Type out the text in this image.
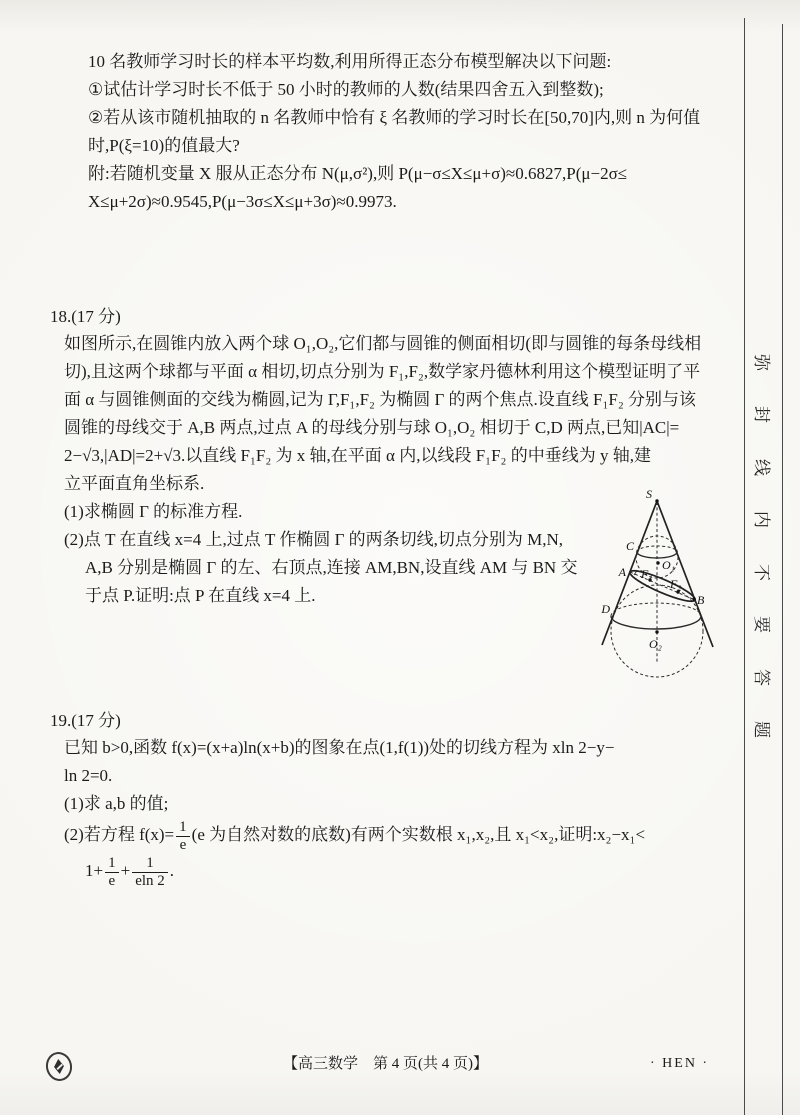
10 名教师学习时长的样本平均数,利用所得正态分布模型解决以下问题:
①试估计学习时长不低于 50 小时的教师的人数(结果四舍五入到整数);
②若从该市随机抽取的 n 名教师中恰有 ξ 名教师的学习时长在[50,70]内,则 n 为何值
时,P(ξ=10)的值最大?
附:若随机变量 X 服从正态分布 N(μ,σ²),则 P(μ−σ≤X≤μ+σ)≈0.6827,P(μ−2σ≤
X≤μ+2σ)≈0.9545,P(μ−3σ≤X≤μ+3σ)≈0.9973.
18.(17 分)
如图所示,在圆锥内放入两个球 O₁,O₂,它们都与圆锥的侧面相切(即与圆锥的每条母线相
切),且这两个球都与平面 α 相切,切点分别为 F₁,F₂,数学家丹德林利用这个模型证明了平
面 α 与圆锥侧面的交线为椭圆,记为 Γ,F₁,F₂ 为椭圆 Γ 的两个焦点.设直线 F₁F₂ 分别与该
圆锥的母线交于 A,B 两点,过点 A 的母线分别与球 O₁,O₂ 相切于 C,D 两点,已知|AC|=
2−√3,|AD|=2+√3.以直线 F₁F₂ 为 x 轴,在平面 α 内,以线段 F₁F₂ 的中垂线为 y 轴,建
立平面直角坐标系.
(1)求椭圆 Γ 的标准方程.
(2)点 T 在直线 x=4 上,过点 T 作椭圆 Γ 的两条切线,切点分别为 M,N,
A,B 分别是椭圆 Γ 的左、右顶点,连接 AM,BN,设直线 AM 与 BN 交
于点 P.证明:点 P 在直线 x=4 上.
S
C
A F₁
O₁
F₂
B
D
O₂
19.(17 分)
已知 b>0,函数 f(x)=(x+a)ln(x+b)的图象在点(1,f(1))处的切线方程为 xln 2−y−
ln 2=0.
(1)求 a,b 的值;
(2)若方程 $f(x)= \frac{1}{e} (e$ 为自然对数的底数)有两个实数根 x₁,x₂,且 x₁<x₂,证明:x₂−x₁<
$1+ \frac{1}{e} + \frac{1}{eln 2}$ .
弥
封
线
内
不
要
答
题
【高三数学　第 4 页(共 4 页)】	· HEN ·
